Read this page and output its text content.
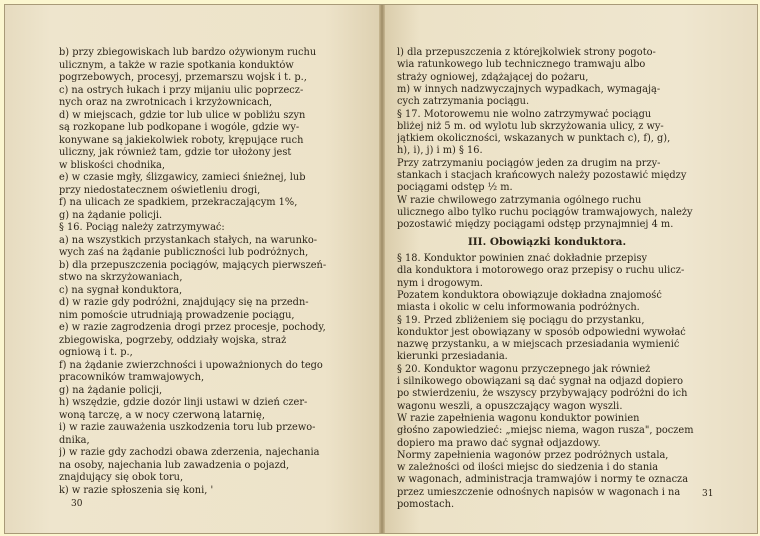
b) przy zbiegowiskach lub bardzo ożywionym ruchu
ulicznym, a także w razie spotkania konduktów
pogrzebowych, procesyj, przemarszu wojsk i t. p.,
c) na ostrych łukach i przy mijaniu ulic poprzecz-
nych oraz na zwrotnicach i krzyżownicach,
d) w miejscach, gdzie tor lub ulice w pobliżu szyn
są rozkopane lub podkopane i wogóle, gdzie wy-
konywane są jakiekolwiek roboty, krępujące ruch
uliczny, jak również tam, gdzie tor ułożony jest
w bliskości chodnika,
e) w czasie mgły, ślizgawicy, zamieci śnieżnej, lub
przy niedostatecznem oświetleniu drogi,
f) na ulicach ze spadkiem, przekraczającym 1%,
g) na żądanie policji.
§ 16. Pociąg należy zatrzymywać:
a) na wszystkich przystankach stałych, na warunko-
wych zaś na żądanie publiczności lub podróżnych,
b) dla przepuszczenia pociągów, mających pierwszeń-
stwo na skrzyżowaniach,
c) na sygnał konduktora,
d) w razie gdy podróżni, znajdujący się na przedn-
nim pomoście utrudniają prowadzenie pociągu,
e) w razie zagrodzenia drogi przez procesje, pochody,
zbiegowiska, pogrzeby, oddziały wojska, straż
ogniową i t. p.,
f) na żądanie zwierzchności i upoważnionych do tego
pracowników tramwajowych,
g) na żądanie policji,
h) wszędzie, gdzie dozór linji ustawi w dzień czer-
woną tarczę, a w nocy czerwoną latarnię,
i) w razie zauważenia uszkodzenia toru lub przewo-
dnika,
j) w razie gdy zachodzi obawa zderzenia, najechania
na osoby, najechania lub zawadzenia o pojazd,
znajdujący się obok toru,
k) w razie spłoszenia się koni, '
l) dla przepuszczenia z którejkolwiek strony pogoto-
wia ratunkowego lub technicznego tramwaju albo
straży ogniowej, zdążającej do pożaru,
m) w innych nadzwyczajnych wypadkach, wymagają-
cych zatrzymania pociągu.
§ 17. Motorowemu nie wolno zatrzymywać pociągu
bliżej niż 5 m. od wylotu lub skrzyżowania ulicy, z wy-
jątkiem okoliczności, wskazanych w punktach c), f), g),
h), i), j) i m) § 16.
Przy zatrzymaniu pociągów jeden za drugim na przy-
stankach i stacjach krańcowych należy pozostawić między
pociągami odstęp ½ m.
W razie chwilowego zatrzymania ogólnego ruchu
ulicznego albo tylko ruchu pociągów tramwajowych, należy
pozostawić między pociągami odstęp przynajmniej 4 m.
III. Obowiązki konduktora.
§ 18. Konduktor powinien znać dokładnie przepisy
dla konduktora i motorowego oraz przepisy o ruchu ulicz-
nym i drogowym.
Pozatem konduktora obowiązuje dokładna znajomość
miasta i okolic w celu informowania podróżnych.
§ 19. Przed zbliżeniem się pociągu do przystanku,
konduktor jest obowiązany w sposób odpowiedni wywołać
nazwę przystanku, a w miejscach przesiadania wymienić
kierunki przesiadania.
§ 20. Konduktor wagonu przyczepnego jak również
i silnikowego obowiązani są dać sygnał na odjazd dopiero
po stwierdzeniu, że wszyscy przybywający podróżni do ich
wagonu weszli, a opuszczający wagon wyszli.
W razie zapełnienia wagonu konduktor powinien
głośno zapowiedzieć: „miejsc niema, wagon rusza", poczem
dopiero ma prawo dać sygnał odjazdowy.
Normy zapełnienia wagonów przez podróżnych ustala,
w zależności od ilości miejsc do siedzenia i do stania
w wagonach, administracja tramwajów i normy te oznacza
przez umieszczenie odnośnych napisów w wagonach i na
pomostach.
30
31
